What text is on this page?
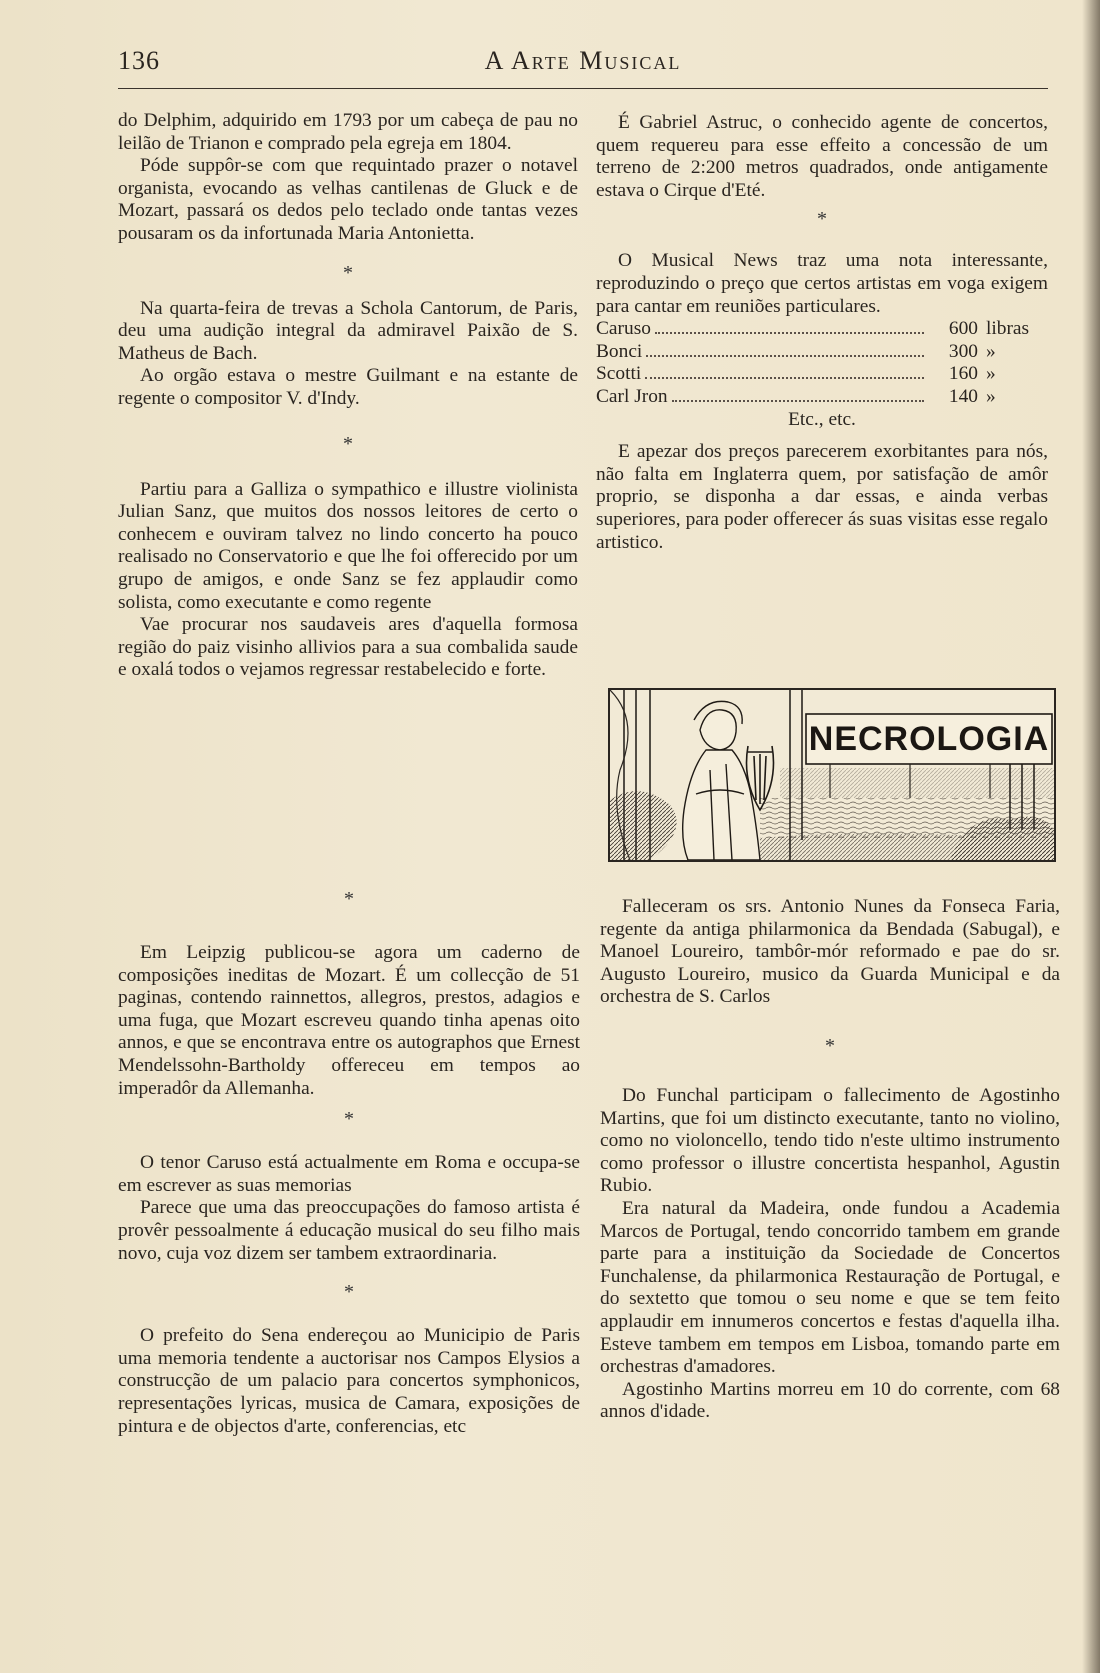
136	A Arte Musical

do Delphim, adquirido em 1793 por um cabeça de pau no leilão de Trianon e comprado pela egreja em 1804.

Póde suppôr-se com que requintado prazer o notavel organista, evocando as velhas cantilenas de Gluck e de Mozart, passará os dedos pelo teclado onde tantas vezes pousaram os da infortunada Maria Antonietta.

*

Na quarta-feira de trevas a Schola Cantorum, de Paris, deu uma audição integral da admiravel Paixão de S. Matheus de Bach.

Ao orgão estava o mestre Guilmant e na estante de regente o compositor V. d'Indy.

*

Partiu para a Galliza o sympathico e illustre violinista Julian Sanz, que muitos dos nossos leitores de certo o conhecem e ouviram talvez no lindo concerto ha pouco realisado no Conservatorio e que lhe foi offerecido por um grupo de amigos, e onde Sanz se fez applaudir como solista, como executante e como regente

Vae procurar nos saudaveis ares d'aquella formosa região do paiz visinho allivios para a sua combalida saude e oxalá todos o vejamos regressar restabelecido e forte.

É Gabriel Astruc, o conhecido agente de concertos, quem requereu para esse effeito a concessão de um terreno de 2:200 metros quadrados, onde antigamente estava o Cirque d'Eté.

*

O Musical News traz uma nota interessante, reproduzindo o preço que certos artistas em voga exigem para cantar em reuniões particulares.

Caruso	600 libras
Bonci	300 »
Scotti	160 »
Carl Jron	140 »
Etc., etc.

E apezar dos preços parecerem exorbitantes para nós, não falta em Inglaterra quem, por satisfação de amôr proprio, se disponha a dar essas, e ainda verbas superiores, para poder offerecer ás suas visitas esse regalo artistico.

NECROLOGIA
*

Em Leipzig publicou-se agora um caderno de composições ineditas de Mozart. É um collecção de 51 paginas, contendo rainnettos, allegros, prestos, adagios e uma fuga, que Mozart escreveu quando tinha apenas oito annos, e que se encontrava entre os autographos que Ernest Mendelssohn-Bartholdy offereceu em tempos ao imperadôr da Allemanha.

*

O tenor Caruso está actualmente em Roma e occupa-se em escrever as suas memorias

Parece que uma das preoccupações do famoso artista é provêr pessoalmente á educação musical do seu filho mais novo, cuja voz dizem ser tambem extraordinaria.

*

O prefeito do Sena endereçou ao Municipio de Paris uma memoria tendente a auctorisar nos Campos Elysios a construcção de um palacio para concertos symphonicos, representações lyricas, musica de Camara, exposições de pintura e de objectos d'arte, conferencias, etc

Falleceram os srs. Antonio Nunes da Fonseca Faria, regente da antiga philarmonica da Bendada (Sabugal), e Manoel Loureiro, tambôr-mór reformado e pae do sr. Augusto Loureiro, musico da Guarda Municipal e da orchestra de S. Carlos

*

Do Funchal participam o fallecimento de Agostinho Martins, que foi um distincto executante, tanto no violino, como no violoncello, tendo tido n'este ultimo instrumento como professor o illustre concertista hespanhol, Agustin Rubio.

Era natural da Madeira, onde fundou a Academia Marcos de Portugal, tendo concorrido tambem em grande parte para a instituição da Sociedade de Concertos Funchalense, da philarmonica Restauração de Portugal, e do sextetto que tomou o seu nome e que se tem feito applaudir em innumeros concertos e festas d'aquella ilha. Esteve tambem em tempos em Lisboa, tomando parte em orchestras d'amadores.

Agostinho Martins morreu em 10 do corrente, com 68 annos d'idade.
